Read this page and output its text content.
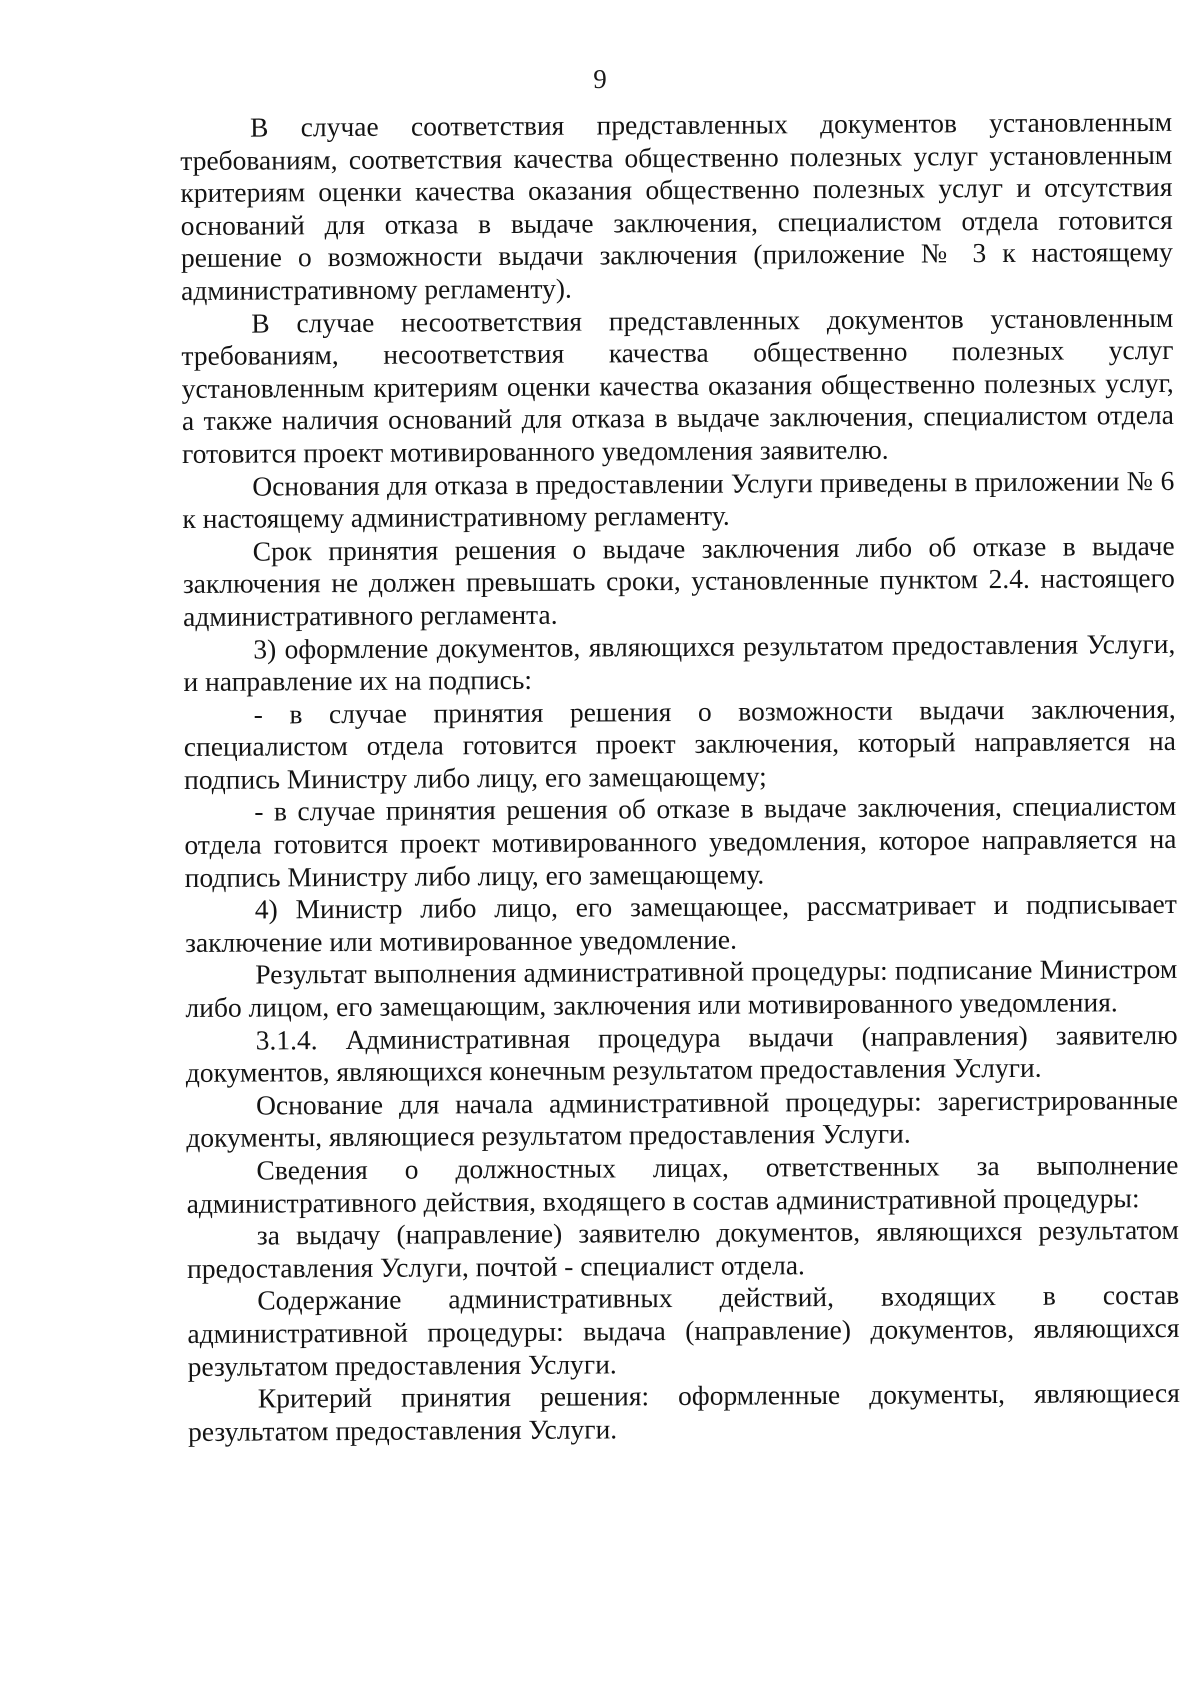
9

В случае соответствия представленных документов установленным требованиям, соответствия качества общественно полезных услуг установленным критериям оценки качества оказания общественно полезных услуг и отсутствия оснований для отказа в выдаче заключения, специалистом отдела готовится решение о возможности выдачи заключения (приложение № 3 к настоящему административному регламенту).

В случае несоответствия представленных документов установленным требованиям, несоответствия качества общественно полезных услуг установленным критериям оценки качества оказания общественно полезных услуг, а также наличия оснований для отказа в выдаче заключения, специалистом отдела готовится проект мотивированного уведомления заявителю.

Основания для отказа в предоставлении Услуги приведены в приложении № 6 к настоящему административному регламенту.

Срок принятия решения о выдаче заключения либо об отказе в выдаче заключения не должен превышать сроки, установленные пунктом 2.4. настоящего административного регламента.

3) оформление документов, являющихся результатом предоставления Услуги, и направление их на подпись:

- в случае принятия решения о возможности выдачи заключения, специалистом отдела готовится проект заключения, который направляется на подпись Министру либо лицу, его замещающему;

- в случае принятия решения об отказе в выдаче заключения, специалистом отдела готовится проект мотивированного уведомления, которое направляется на подпись Министру либо лицу, его замещающему.

4) Министр либо лицо, его замещающее, рассматривает и подписывает заключение или мотивированное уведомление.

Результат выполнения административной процедуры: подписание Министром либо лицом, его замещающим, заключения или мотивированного уведомления.

3.1.4. Административная процедура выдачи (направления) заявителю документов, являющихся конечным результатом предоставления Услуги.

Основание для начала административной процедуры: зарегистрированные документы, являющиеся результатом предоставления Услуги.

Сведения о должностных лицах, ответственных за выполнение административного действия, входящего в состав административной процедуры:

за выдачу (направление) заявителю документов, являющихся результатом предоставления Услуги, почтой - специалист отдела.

Содержание административных действий, входящих в состав административной процедуры: выдача (направление) документов, являющихся результатом предоставления Услуги.

Критерий принятия решения: оформленные документы, являющиеся результатом предоставления Услуги.
